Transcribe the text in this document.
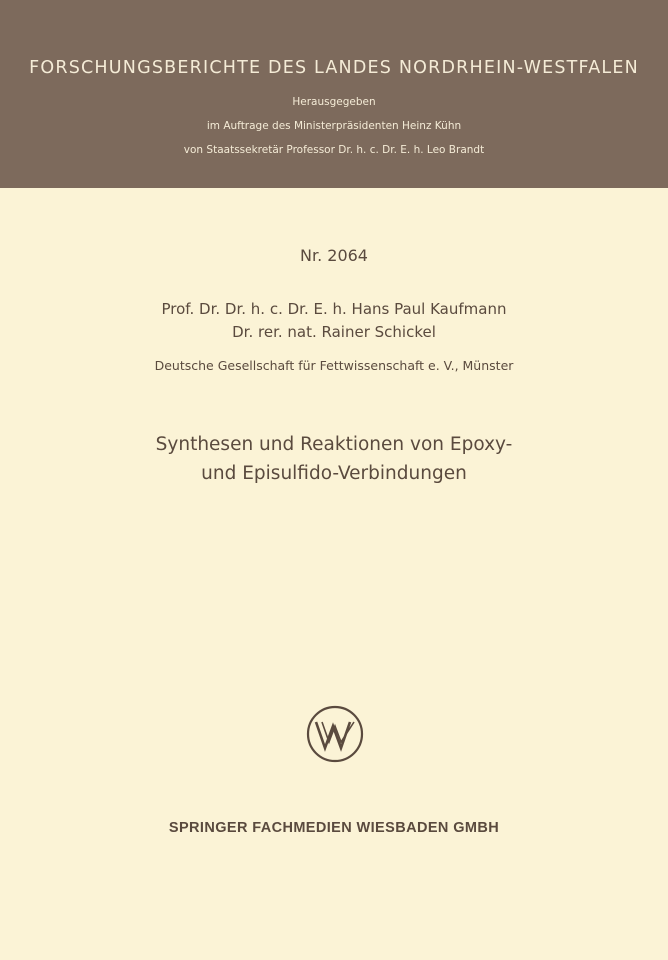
FORSCHUNGSBERICHTE DES LANDES NORDRHEIN-WESTFALEN
Herausgegeben
im Auftrage des Ministerpräsidenten Heinz Kühn
von Staatssekretär Professor Dr. h. c. Dr. E. h. Leo Brandt
Nr. 2064
Prof. Dr. Dr. h. c. Dr. E. h. Hans Paul Kaufmann
Dr. rer. nat. Rainer Schickel
Deutsche Gesellschaft für Fettwissenschaft e. V., Münster
Synthesen und Reaktionen von Epoxy-
und Episulfido-Verbindungen
SPRINGER FACHMEDIEN WIESBADEN GMBH
